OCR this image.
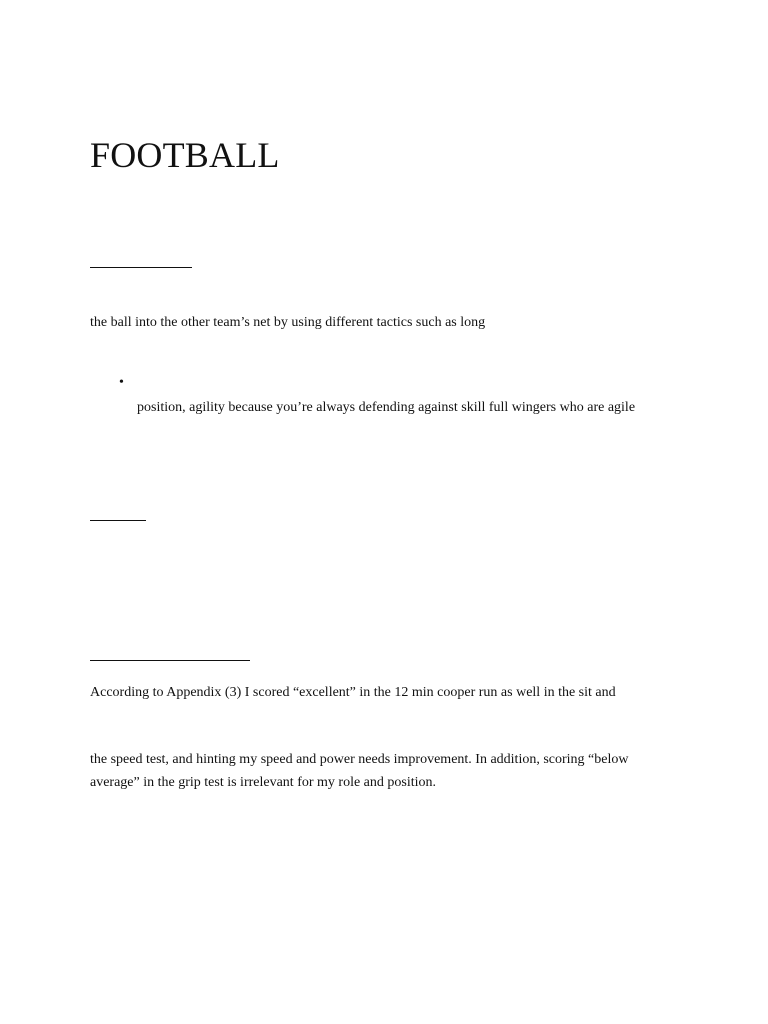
FOOTBALL

the ball into the other team’s net by using different tactics such as long

•

position, agility because you’re always defending against skill full wingers who are agile

According to Appendix (3) I scored “excellent” in the 12 min cooper run as well in the sit and

the speed test, and hinting my speed and power needs improvement. In addition, scoring “below

average” in the grip test is irrelevant for my role and position.
